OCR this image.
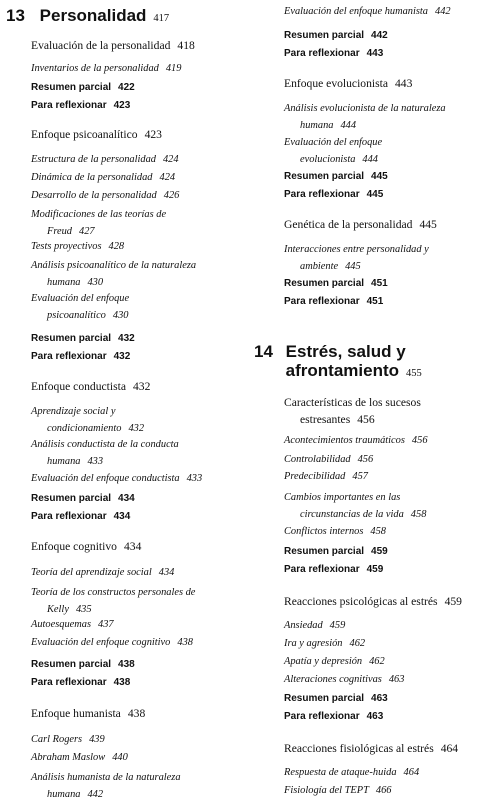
13 Personalidad 417
Evaluación de la personalidad 418
Inventarios de la personalidad 419
Resumen parcial 422
Para reflexionar 423
Enfoque psicoanalítico 423
Estructura de la personalidad 424
Dinámica de la personalidad 424
Desarrollo de la personalidad 426
Modificaciones de las teorías de
Freud 427
Tests proyectivos 428
Análisis psicoanalítico de la naturaleza
humana 430
Evaluación del enfoque
psicoanalítico 430
Resumen parcial 432
Para reflexionar 432
Enfoque conductista 432
Aprendizaje social y
condicionamiento 432
Análisis conductista de la conducta
humana 433
Evaluación del enfoque conductista 433
Resumen parcial 434
Para reflexionar 434
Enfoque cognitivo 434
Teoría del aprendizaje social 434
Teoría de los constructos personales de
Kelly 435
Autoesquemas 437
Evaluación del enfoque cognitivo 438
Resumen parcial 438
Para reflexionar 438
Enfoque humanista 438
Carl Rogers 439
Abraham Maslow 440
Análisis humanista de la naturaleza
humana 442
Evaluación del enfoque humanista 442
Resumen parcial 442
Para reflexionar 443
Enfoque evolucionista 443
Análisis evolucionista de la naturaleza
humana 444
Evaluación del enfoque
evolucionista 444
Resumen parcial 445
Para reflexionar 445
Genética de la personalidad 445
Interacciones entre personalidad y
ambiente 445
Resumen parcial 451
Para reflexionar 451
14 Estrés, salud y
afrontamiento 455
Características de los sucesos
estresantes 456
Acontecimientos traumáticos 456
Controlabilidad 456
Predecibilidad 457
Cambios importantes en las
circunstancias de la vida 458
Conflictos internos 458
Resumen parcial 459
Para reflexionar 459
Reacciones psicológicas al estrés 459
Ansiedad 459
Ira y agresión 462
Apatía y depresión 462
Alteraciones cognitivas 463
Resumen parcial 463
Para reflexionar 463
Reacciones fisiológicas al estrés 464
Respuesta de ataque-huida 464
Fisiología del TEPT 466
